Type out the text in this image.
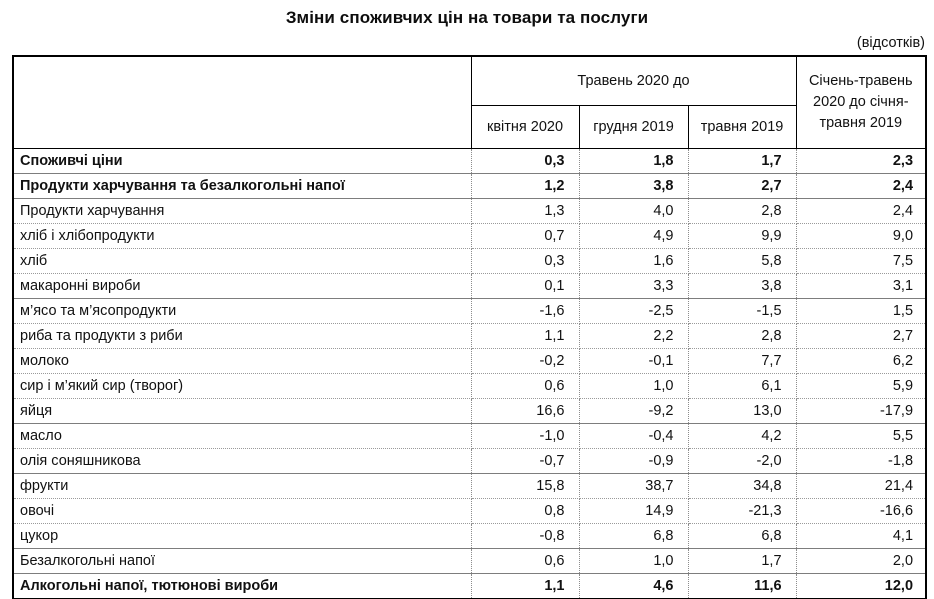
Зміни споживчих цін на товари та послуги
(відсотків)
	Травень 2020 до			Січень-травень 2020 до січня-травня 2019
	квітня 2020	грудня 2019	травня 2019	
Споживчі ціни	0,3	1,8	1,7	2,3
Продукти харчування та безалкогольні напої	1,2	3,8	2,7	2,4
Продукти харчування	1,3	4,0	2,8	2,4
хліб і хлібопродукти	0,7	4,9	9,9	9,0
хліб	0,3	1,6	5,8	7,5
макаронні вироби	0,1	3,3	3,8	3,1
м’ясо та м’ясопродукти	-1,6	-2,5	-1,5	1,5
риба та продукти з риби	1,1	2,2	2,8	2,7
молоко	-0,2	-0,1	7,7	6,2
сир і м’який сир (творог)	0,6	1,0	6,1	5,9
яйця	16,6	-9,2	13,0	-17,9
масло	-1,0	-0,4	4,2	5,5
олія соняшникова	-0,7	-0,9	-2,0	-1,8
фрукти	15,8	38,7	34,8	21,4
овочі	0,8	14,9	-21,3	-16,6
цукор	-0,8	6,8	6,8	4,1
Безалкогольні напої	0,6	1,0	1,7	2,0
Алкогольні напої, тютюнові вироби	1,1	4,6	11,6	12,0
